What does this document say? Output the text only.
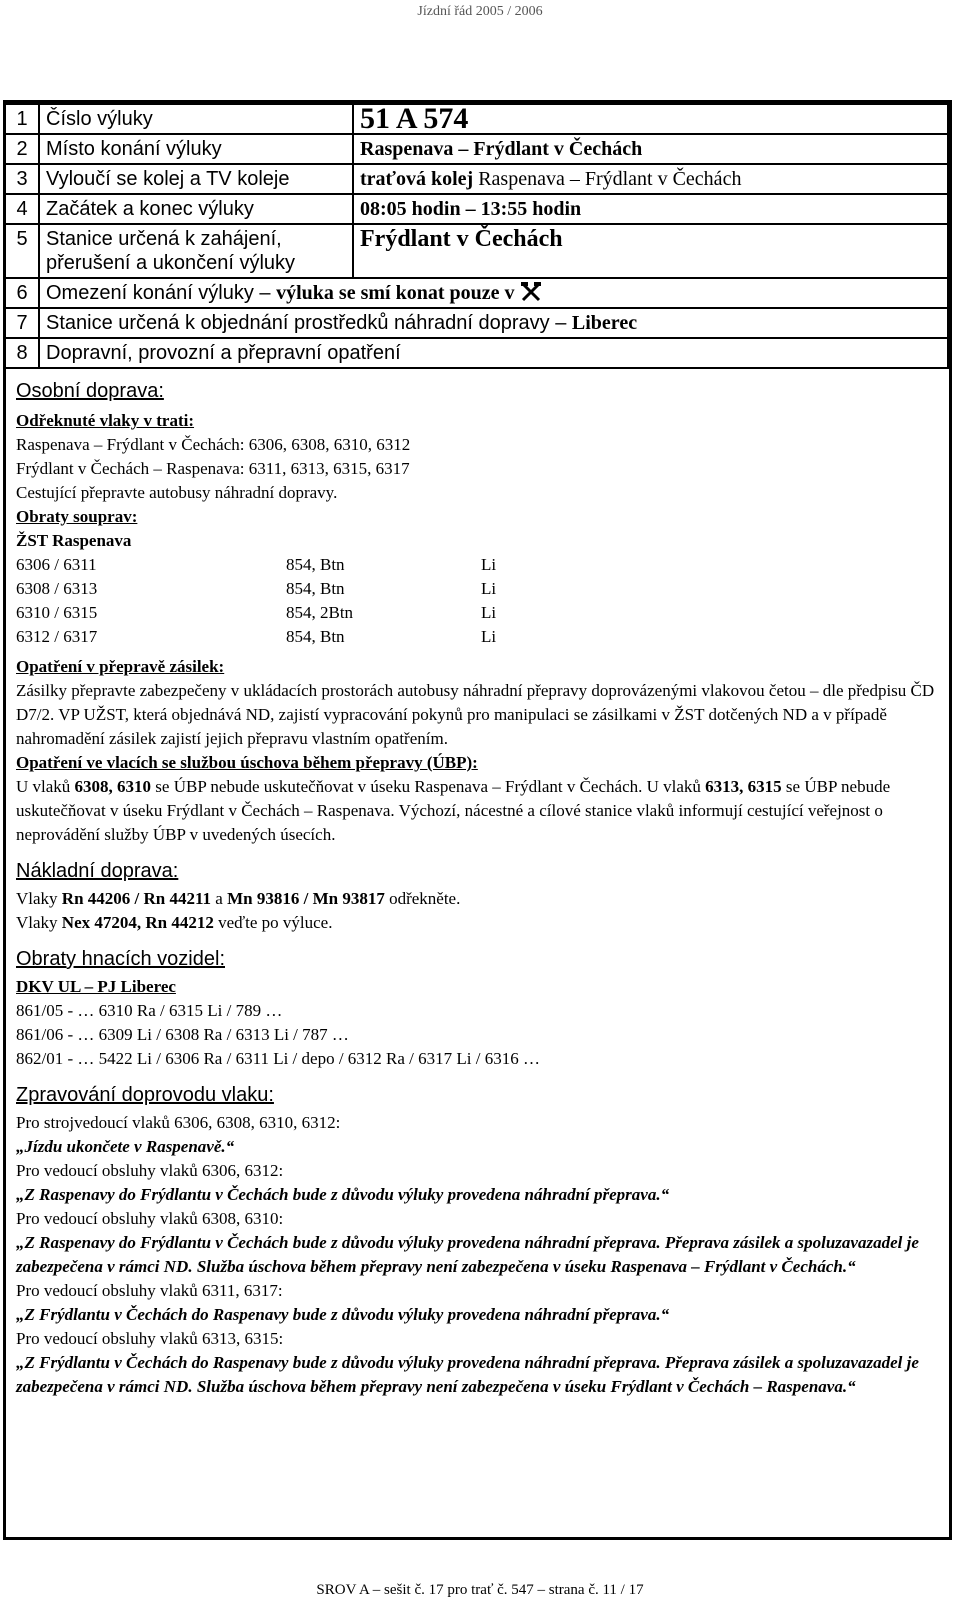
Jízdní řád 2005 / 2006
1	Číslo výluky	51 A 574
2	Místo konání výluky	Raspenava – Frýdlant v Čechách
3	Vyloučí se kolej a TV koleje	traťová kolej Raspenava – Frýdlant v Čechách
4	Začátek a konec výluky	08:05 hodin – 13:55 hodin
5	Stanice určená k zahájení, přerušení a ukončení výluky	Frýdlant v Čechách
6	Omezení konání výluky – výluka se smí konat pouze v	
7	Stanice určená k objednání prostředků náhradní dopravy – Liberec	
8	Dopravní, provozní a přepravní opatření	
Osobní doprava:

Odřeknuté vlaky v trati:

Raspenava – Frýdlant v Čechách: 6306, 6308, 6310, 6312

Frýdlant v Čechách – Raspenava: 6311, 6313, 6315, 6317

Cestující přepravte autobusy náhradní dopravy.

Obraty souprav:

ŽST Raspenava

6306 / 6311	854, Btn	Li
6308 / 6313	854, Btn	Li
6310 / 6315	854, 2Btn	Li
6312 / 6317	854, Btn	Li

Opatření v přepravě zásilek:

Zásilky přepravte zabezpečeny v ukládacích prostorách autobusy náhradní přepravy doprovázenými vlakovou četou – dle předpisu ČD D7/2. VP UŽST, která objednává ND, zajistí vypracování pokynů pro manipulaci se zásilkami v ŽST dotčených ND a v případě nahromadění zásilek zajistí jejich přepravu vlastním opatřením.

Opatření ve vlacích se službou úschova během přepravy (ÚBP):

U vlaků 6308, 6310 se ÚBP nebude uskutečňovat v úseku Raspenava – Frýdlant v Čechách. U vlaků 6313, 6315 se ÚBP nebude uskutečňovat v úseku Frýdlant v Čechách – Raspenava. Výchozí, nácestné a cílové stanice vlaků informují cestující veřejnost o neprovádění služby ÚBP v uvedených úsecích.

Nákladní doprava:

Vlaky Rn 44206 / Rn 44211 a Mn 93816 / Mn 93817 odřekněte.

Vlaky Nex 47204, Rn 44212 veďte po výluce.

Obraty hnacích vozidel:

DKV UL – PJ Liberec

861/05 - … 6310 Ra / 6315 Li / 789 …

861/06 - … 6309 Li / 6308 Ra / 6313 Li / 787 …

862/01 - … 5422 Li / 6306 Ra / 6311 Li / depo / 6312 Ra / 6317 Li / 6316 …

Zpravování doprovodu vlaku:

Pro strojvedoucí vlaků 6306, 6308, 6310, 6312:

„Jízdu ukončete v Raspenavě.“

Pro vedoucí obsluhy vlaků 6306, 6312:

„Z Raspenavy do Frýdlantu v Čechách bude z důvodu výluky provedena náhradní přeprava.“

Pro vedoucí obsluhy vlaků 6308, 6310:

„Z Raspenavy do Frýdlantu v Čechách bude z důvodu výluky provedena náhradní přeprava. Přeprava zásilek a spoluzavazadel je zabezpečena v rámci ND. Služba úschova během přepravy není zabezpečena v úseku Raspenava – Frýdlant v Čechách.“

Pro vedoucí obsluhy vlaků 6311, 6317:

„Z Frýdlantu v Čechách do Raspenavy bude z důvodu výluky provedena náhradní přeprava.“

Pro vedoucí obsluhy vlaků 6313, 6315:

„Z Frýdlantu v Čechách do Raspenavy bude z důvodu výluky provedena náhradní přeprava. Přeprava zásilek a spoluzavazadel je zabezpečena v rámci ND. Služba úschova během přepravy není zabezpečena v úseku Frýdlant v Čechách – Raspenava.“

SROV A – sešit č. 17 pro trať č. 547 – strana č. 11 / 17
